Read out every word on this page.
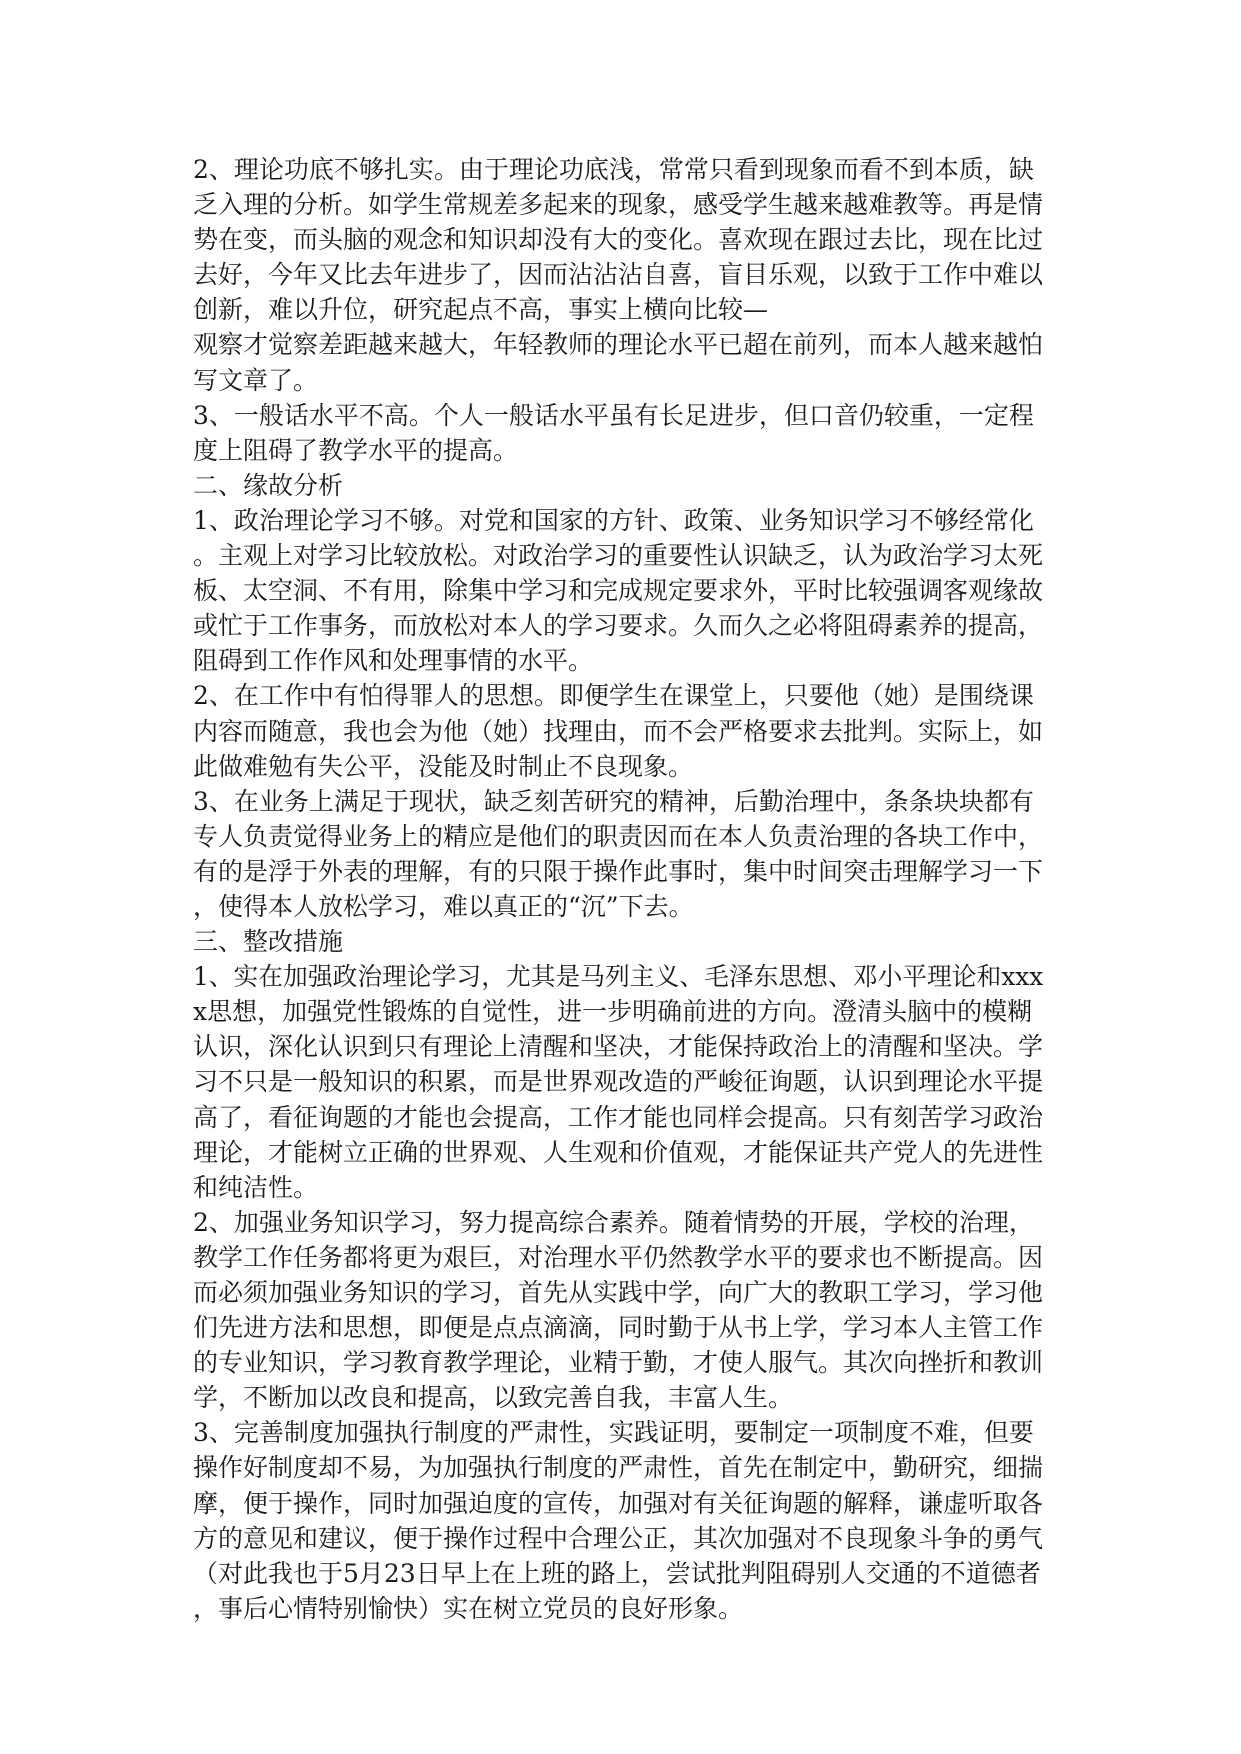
2、理论功底不够扎实。由于理论功底浅，常常只看到现象而看不到本质，缺
乏入理的分析。如学生常规差多起来的现象，感受学生越来越难教等。再是情
势在变，而头脑的观念和知识却没有大的变化。喜欢现在跟过去比，现在比过
去好，今年又比去年进步了，因而沾沾沾自喜，盲目乐观，以致于工作中难以
创新，难以升位，研究起点不高，事实上横向比较—
观察才觉察差距越来越大，年轻教师的理论水平已超在前列，而本人越来越怕
写文章了。
3、一般话水平不高。个人一般话水平虽有长足进步，但口音仍较重，一定程
度上阻碍了教学水平的提高。
二、缘故分析
1、政治理论学习不够。对党和国家的方针、政策、业务知识学习不够经常化
。主观上对学习比较放松。对政治学习的重要性认识缺乏，认为政治学习太死
板、太空洞、不有用，除集中学习和完成规定要求外，平时比较强调客观缘故
或忙于工作事务，而放松对本人的学习要求。久而久之必将阻碍素养的提高，
阻碍到工作作风和处理事情的水平。
2、在工作中有怕得罪人的思想。即便学生在课堂上，只要他（她）是围绕课
内容而随意，我也会为他（她）找理由，而不会严格要求去批判。实际上，如
此做难勉有失公平，没能及时制止不良现象。
3、在业务上满足于现状，缺乏刻苦研究的精神，后勤治理中，条条块块都有
专人负责觉得业务上的精应是他们的职责因而在本人负责治理的各块工作中，
有的是浮于外表的理解，有的只限于操作此事时，集中时间突击理解学习一下
，使得本人放松学习，难以真正的“沉”下去。
三、整改措施
1、实在加强政治理论学习，尤其是马列主义、毛泽东思想、邓小平理论和xxx
x思想，加强党性锻炼的自觉性，进一步明确前进的方向。澄清头脑中的模糊
认识，深化认识到只有理论上清醒和坚决，才能保持政治上的清醒和坚决。学
习不只是一般知识的积累，而是世界观改造的严峻征询题，认识到理论水平提
高了，看征询题的才能也会提高，工作才能也同样会提高。只有刻苦学习政治
理论，才能树立正确的世界观、人生观和价值观，才能保证共产党人的先进性
和纯洁性。
2、加强业务知识学习，努力提高综合素养。随着情势的开展，学校的治理，
教学工作任务都将更为艰巨，对治理水平仍然教学水平的要求也不断提高。因
而必须加强业务知识的学习，首先从实践中学，向广大的教职工学习，学习他
们先进方法和思想，即便是点点滴滴，同时勤于从书上学，学习本人主管工作
的专业知识，学习教育教学理论，业精于勤，才使人服气。其次向挫折和教训
学，不断加以改良和提高，以致完善自我，丰富人生。
3、完善制度加强执行制度的严肃性，实践证明，要制定一项制度不难，但要
操作好制度却不易，为加强执行制度的严肃性，首先在制定中，勤研究，细揣
摩，便于操作，同时加强迫度的宣传，加强对有关征询题的解释，谦虚听取各
方的意见和建议，便于操作过程中合理公正，其次加强对不良现象斗争的勇气
（对此我也于5月23日早上在上班的路上，尝试批判阻碍别人交通的不道德者
，事后心情特别愉快）实在树立党员的良好形象。
